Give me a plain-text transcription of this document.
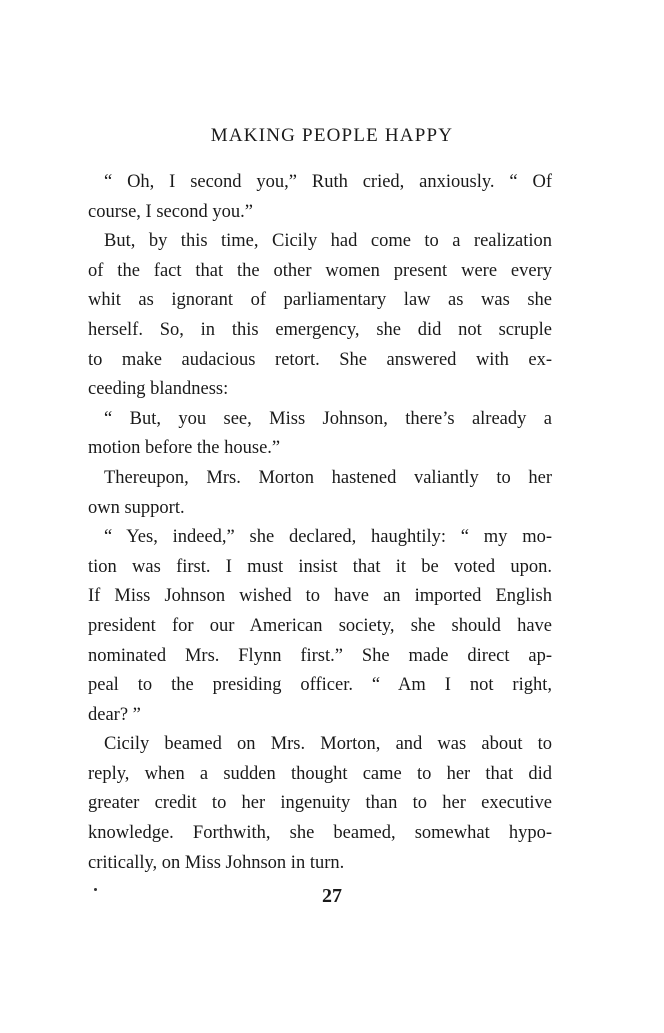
MAKING PEOPLE HAPPY
“ Oh, I second you,” Ruth cried, anxiously. “ Of
course, I second you.”
But, by this time, Cicily had come to a realization
of the fact that the other women present were every
whit as ignorant of parliamentary law as was she
herself. So, in this emergency, she did not scruple
to make audacious retort. She answered with ex-
ceeding blandness:
“ But, you see, Miss Johnson, there’s already a
motion before the house.”
Thereupon, Mrs. Morton hastened valiantly to her
own support.
“ Yes, indeed,” she declared, haughtily: “ my mo-
tion was first. I must insist that it be voted upon.
If Miss Johnson wished to have an imported English
president for our American society, she should have
nominated Mrs. Flynn first.” She made direct ap-
peal to the presiding officer. “ Am I not right,
dear? ”
Cicily beamed on Mrs. Morton, and was about to
reply, when a sudden thought came to her that did
greater credit to her ingenuity than to her executive
knowledge. Forthwith, she beamed, somewhat hypo-
critically, on Miss Johnson in turn.
27
